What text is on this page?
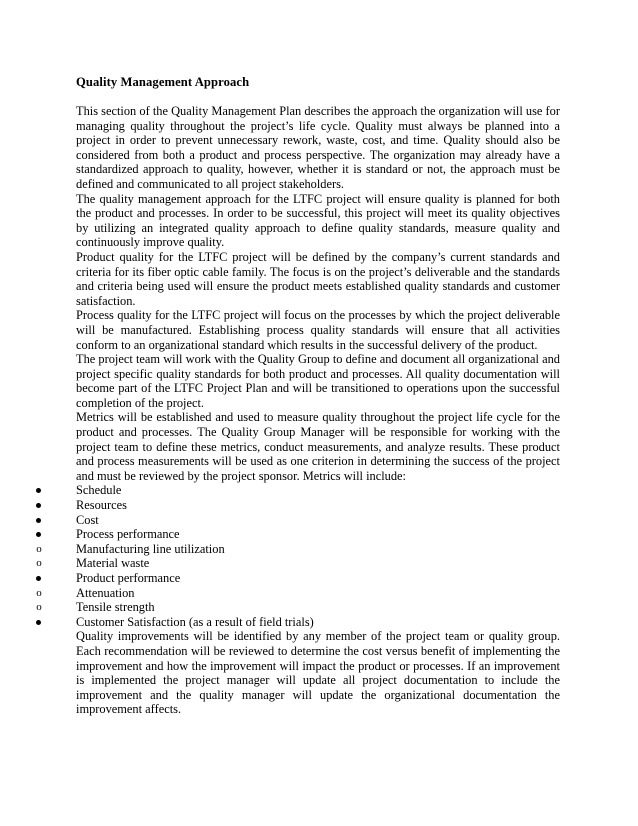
Quality Management Approach

This section of the Quality Management Plan describes the approach the organization will use for managing quality throughout the project’s life cycle. Quality must always be planned into a project in order to prevent unnecessary rework, waste, cost, and time. Quality should also be considered from both a product and process perspective. The organization may already have a standardized approach to quality, however, whether it is standard or not, the approach must be defined and communicated to all project stakeholders.

The quality management approach for the LTFC project will ensure quality is planned for both the product and processes. In order to be successful, this project will meet its quality objectives by utilizing an integrated quality approach to define quality standards, measure quality and continuously improve quality.

Product quality for the LTFC project will be defined by the company’s current standards and criteria for its fiber optic cable family. The focus is on the project’s deliverable and the standards and criteria being used will ensure the product meets established quality standards and customer satisfaction.

Process quality for the LTFC project will focus on the processes by which the project deliverable will be manufactured. Establishing process quality standards will ensure that all activities conform to an organizational standard which results in the successful delivery of the product.

The project team will work with the Quality Group to define and document all organizational and project specific quality standards for both product and processes. All quality documentation will become part of the LTFC Project Plan and will be transitioned to operations upon the successful completion of the project.

Metrics will be established and used to measure quality throughout the project life cycle for the product and processes. The Quality Group Manager will be responsible for working with the project team to define these metrics, conduct measurements, and analyze results. These product and process measurements will be used as one criterion in determining the success of the project and must be reviewed by the project sponsor. Metrics will include:

Schedule
Resources
Cost
Process performance
o	Manufacturing line utilization
o	Material waste
Product performance
o	Attenuation
o	Tensile strength
Customer Satisfaction (as a result of field trials)

Quality improvements will be identified by any member of the project team or quality group. Each recommendation will be reviewed to determine the cost versus benefit of implementing the improvement and how the improvement will impact the product or processes. If an improvement is implemented the project manager will update all project documentation to include the improvement and the quality manager will update the organizational documentation the improvement affects.
